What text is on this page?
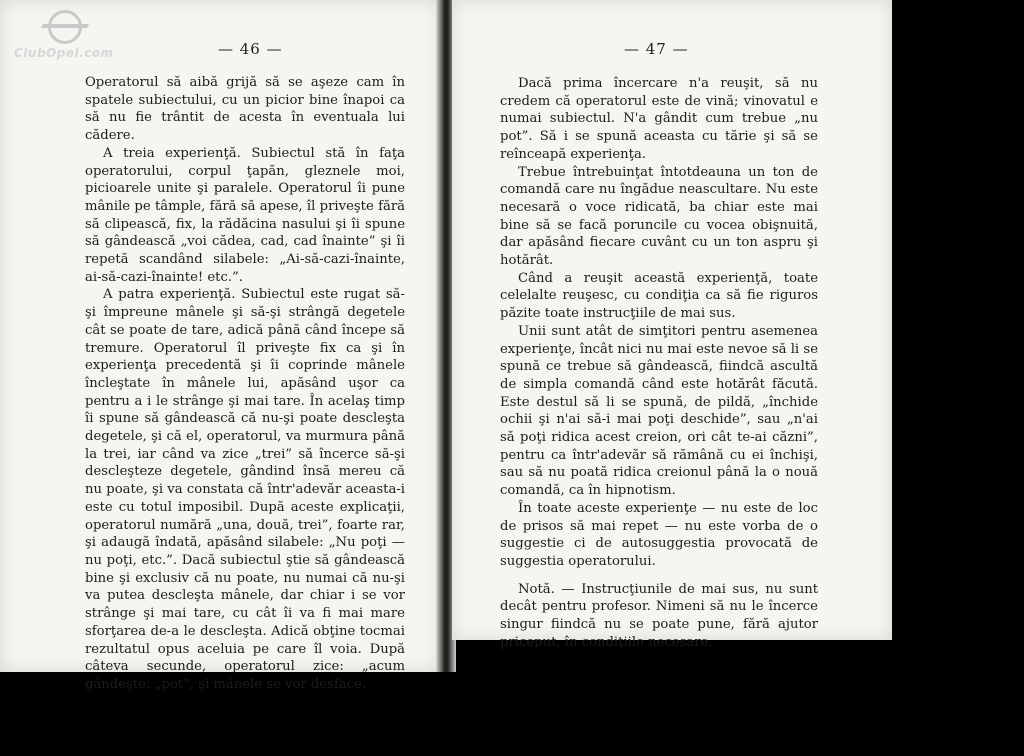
ClubOpel.com	— 46 —	— 47 —

Operatorul să aibă grijă să se aşeze cam în spatele subiectului, cu un picior bine înapoi ca să nu fie trântit de acesta în eventuala lui cădere.

A treia experienţă. Subiectul stă în faţa operatorului, corpul ţapăn, gleznele moi, picioarele unite şi paralele. Operatorul îi pune mânile pe tâmple, fără să apese, îl priveşte fără să clipească, fix, la rădăcina nasului şi îi spune să gândească „voi cădea, cad, cad înainte” şi îi repetă scandând silabele: „Ai-să-cazi-înainte, ai-să-cazi-înainte! etc.”.

A patra experienţă. Subiectul este rugat să-şi împreune mânele şi să-şi strângă degetele cât se poate de tare, adică până când începe să tremure. Operatorul îl priveşte fix ca şi în experienţa precedentă şi îi coprinde mânele încleştate în mânele lui, apăsând uşor ca pentru a i le strânge şi mai tare. În acelaş timp îi spune să gândească că nu-şi poate descleşta degetele, şi că el, operatorul, va murmura până la trei, iar când va zice „trei” să încerce să-şi descleşteze degetele, gândind însă mereu că nu poate, şi va constata că într'adevăr aceasta-i este cu totul imposibil. După aceste explicaţii, operatorul numără „una, două, trei”, foarte rar, şi adaugă îndată, apăsând silabele: „Nu poţi — nu poţi, etc.”. Dacă subiectul ştie să gândească bine şi exclusiv că nu poate, nu numai că nu-şi va putea descleşta mânele, dar chiar i se vor strânge şi mai tare, cu cât îi va fi mai mare sforţarea de-a le descleşta. Adică obţine tocmai rezultatul opus aceluia pe care îl voia. După câteva secunde, operatorul zice: „acum gândeşte: „pot”, şi mânele se vor desface.

Dacă prima încercare n'a reuşit, să nu credem că operatorul este de vină; vinovatul e numai subiectul. N'a gândit cum trebue „nu pot”. Să i se spună aceasta cu tărie şi să se reînceapă experienţa.

Trebue întrebuinţat întotdeauna un ton de comandă care nu îngădue neascultare. Nu este necesară o voce ridicată, ba chiar este mai bine să se facă poruncile cu vocea obişnuită, dar apăsând fiecare cuvânt cu un ton aspru şi hotărât.

Când a reuşit această experienţă, toate celelalte reuşesc, cu condiţia ca să fie riguros păzite toate instrucţiile de mai sus.

Unii sunt atât de simţitori pentru asemenea experienţe, încât nici nu mai este nevoe să li se spună ce trebue să gândească, fiindcă ascultă de simpla comandă când este hotărât făcută. Este destul să li se spună, de pildă, „închide ochii şi n'ai să-i mai poţi deschide”, sau „n'ai să poţi ridica acest creion, ori cât te-ai căzni”, pentru ca într'adevăr să rămână cu ei închişi, sau să nu poată ridica creionul până la o nouă comandă, ca în hipnotism.

În toate aceste experienţe — nu este de loc de prisos să mai repet — nu este vorba de o suggestie ci de autosuggestia provocată de suggestia operatorului.

Notă. — Instrucţiunile de mai sus, nu sunt decât pentru profesor. Nimeni să nu le încerce singur fiindcă nu se poate pune, fără ajutor priceput, în condiţiile necesare.
